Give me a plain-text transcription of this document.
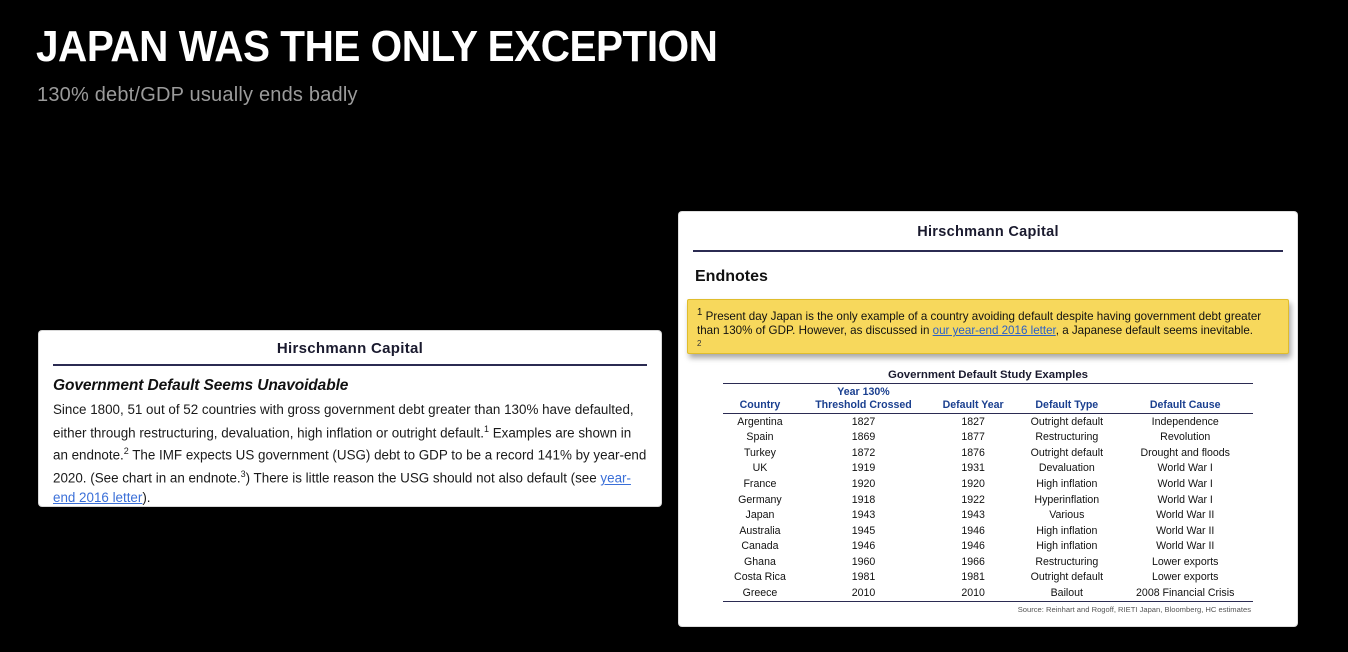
JAPAN WAS THE ONLY EXCEPTION
130% debt/GDP usually ends badly
Hirschmann Capital
Government Default Seems Unavoidable
Since 1800, 51 out of 52 countries with gross government debt greater than 130% have defaulted, either through restructuring, devaluation, high inflation or outright default.$^1$ Examples are shown in an endnote.$^2$ The IMF expects US government (USG) debt to GDP to be a record 141% by year-end 2020. (See chart in an endnote.$^3$) There is little reason the USG should not also default (see year-end 2016 letter).
Hirschmann Capital
Endnotes

$^1$ Present day Japan is the only example of a country avoiding default despite having government debt greater than 130% of GDP. However, as discussed in our year-end 2016 letter, a Japanese default seems inevitable.

2
Government Default Study Examples
	Year 130%			
Country	Threshold Crossed	Default Year	Default Type	Default Cause
Argentina	1827	1827	Outright default	Independence
Spain	1869	1877	Restructuring	Revolution
Turkey	1872	1876	Outright default	Drought and floods
UK	1919	1931	Devaluation	World War I
France	1920	1920	High inflation	World War I
Germany	1918	1922	Hyperinflation	World War I
Japan	1943	1943	Various	World War II
Australia	1945	1946	High inflation	World War II
Canada	1946	1946	High inflation	World War II
Ghana	1960	1966	Restructuring	Lower exports
Costa Rica	1981	1981	Outright default	Lower exports
Greece	2010	2010	Bailout	2008 Financial Crisis
Source: Reinhart and Rogoff, RIETI Japan, Bloomberg, HC estimates
